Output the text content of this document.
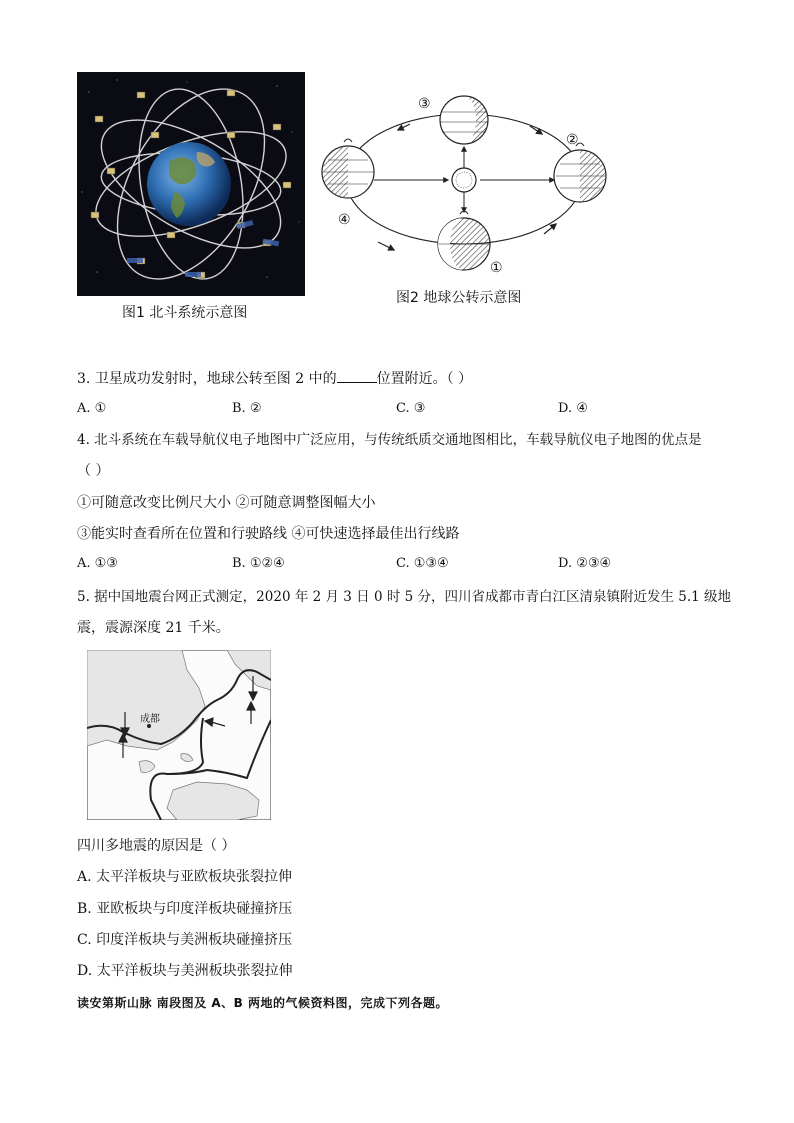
图1 北斗系统示意图
③
②
④
①
图2 地球公转示意图
3. 卫星成功发射时，地球公转至图 2 中的	位置附近。（ ）
A. ①	B. ②	C. ③	D. ④
4. 北斗系统在车载导航仪电子地图中广泛应用，与传统纸质交通地图相比，车载导航仪电子地图的优点是
（ ）
①可随意改变比例尺大小 ②可随意调整图幅大小
③能实时查看所在位置和行驶路线 ④可快速选择最佳出行线路
A. ①③	B. ①②④	C. ①③④	D. ②③④
5. 据中国地震台网正式测定，2020 年 2 月 3 日 0 时 5 分，四川省成都市青白江区清泉镇附近发生 5.1 级地
震，震源深度 21 千米。
成都
四川多地震的原因是（ ）
A. 太平洋板块与亚欧板块张裂拉伸
B. 亚欧板块与印度洋板块碰撞挤压
C. 印度洋板块与美洲板块碰撞挤压
D. 太平洋板块与美洲板块张裂拉伸
读安第斯山脉 南段图及 A、B 两地的气候资料图，完成下列各题。
